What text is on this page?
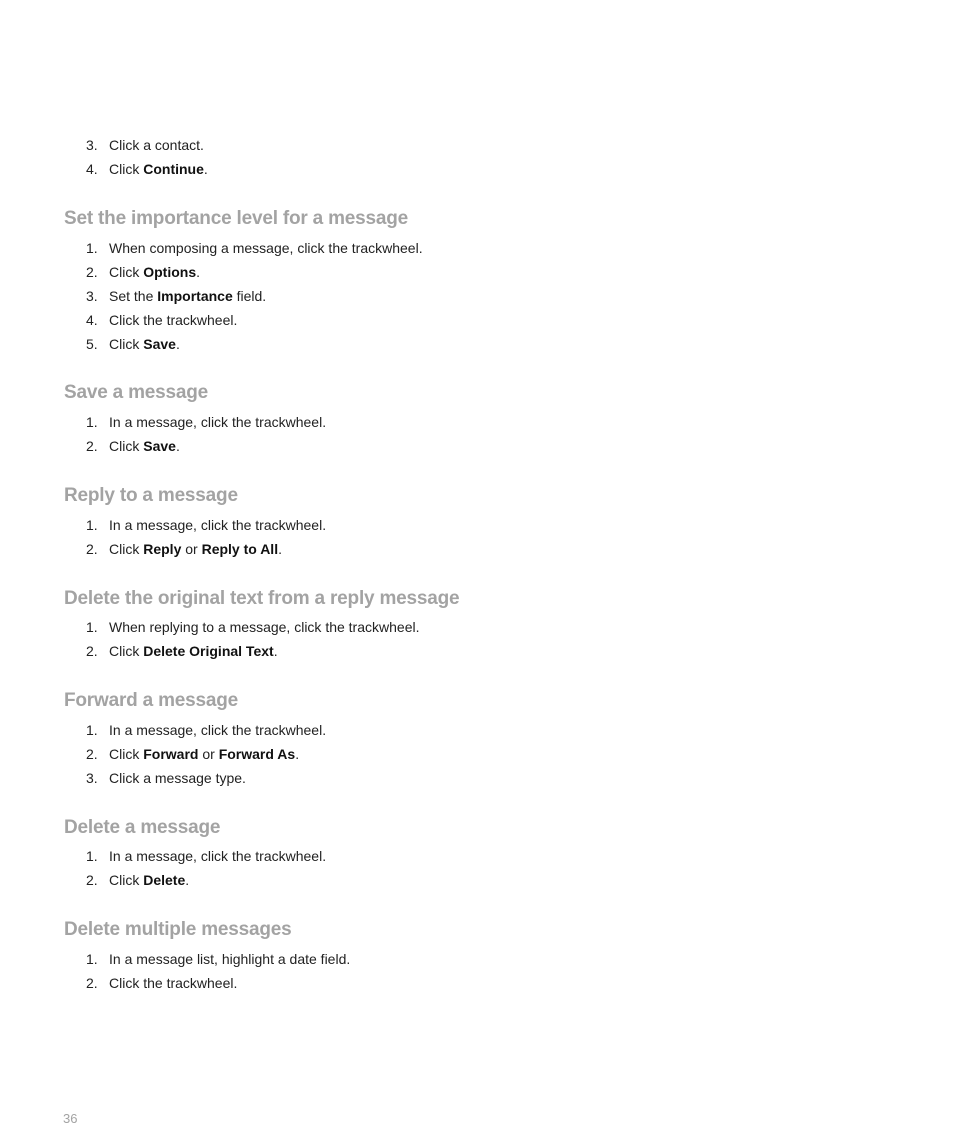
3. Click a contact.
4. Click Continue.
Set the importance level for a message
1. When composing a message, click the trackwheel.
2. Click Options.
3. Set the Importance field.
4. Click the trackwheel.
5. Click Save.
Save a message
1. In a message, click the trackwheel.
2. Click Save.
Reply to a message
1. In a message, click the trackwheel.
2. Click Reply or Reply to All.
Delete the original text from a reply message
1. When replying to a message, click the trackwheel.
2. Click Delete Original Text.
Forward a message
1. In a message, click the trackwheel.
2. Click Forward or Forward As.
3. Click a message type.
Delete a message
1. In a message, click the trackwheel.
2. Click Delete.
Delete multiple messages
1. In a message list, highlight a date field.
2. Click the trackwheel.
36
